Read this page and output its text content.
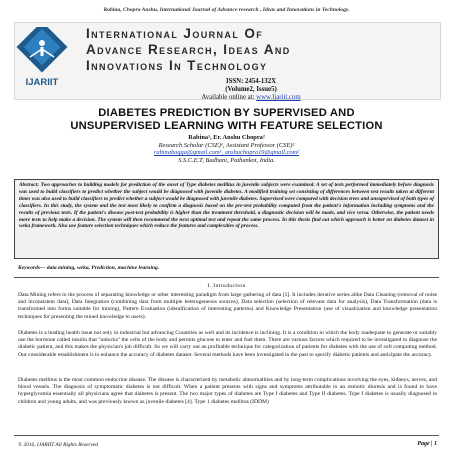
Rabina, Chopra Anshu, International Journal of Advance research , Ideas and Innovations in Technology.
IJARIIT
International Journal Of
Advance Research, Ideas And
Innovations In Technology
ISSN: 2454-132X
(Volume2, Issue5)
Available online at: www.Ijariit.com
DIABETES PREDICTION BY SUPERVISED AND
UNSUPERVISED LEARNING WITH FEATURE SELECTION
Rabina¹, Er. Anshu Chopra²
Research Scholar (CSE)¹, Assistant Professor (CSE)²
rabinabagga@gmail.com¹, anshuchopra19@gmail.com²
S.S.C.E.T, Badhani, Pathankot, India.
Abstract: Two approaches to building models for prediction of the onset of Type diabetes mellitus in juvenile subjects were examined. A set of tests performed immediately before diagnosis was used to build classifiers to predict whether the subject would be diagnosed with juvenile diabetes. A modified training set consisting of differences between test results taken at different times was also used to build classifiers to predict whether a subject would be diagnosed with juvenile diabetes. Supervised were compared with decision trees and unsupervised of both types of classifiers. In this study, the system and the test most likely to confirm a diagnosis based on the pre-test probability computed from the patient's information including symptoms and the results of previous tests. If the patient's disease post-test probability is higher than the treatment threshold, a diagnostic decision will be made, and vice versa. Otherwise, the patient needs more tests to help make a decision. The system will then recommend the next optimal test and repeat the same process. In this thesis find out which approach is better on diabetes dataset in weka framework. Also use feature selection techniques which reduce the features and complexities of process.
Keywords— data mining, weka, Prediction, machine learning.
I. Introduction
Data Mining refers to the process of separating knowledge or other interesting paradigm from large gathering of data [1]. It includes iterative series alike Data Cleaning (removal of noise and inconsistent data), Data Integration (combining data from multiple heterogeneous sources), Data selection (selection of relevant data for analysis), Data Transformation (data is transformed into forms suitable for mining), Pattern Evaluation (identification of interesting patterns) and Knowledge Presentation (use of visualization and knowledge presentation techniques for presenting the mined knowledge to users).
Diabetes is a leading health issue not only in industrial but advancing Countries as well and its incidence is inclining. It is a condition in which the body inadequate to generate or suitably use the hormone called insulin that ''unlocks'' the cells of the body and permits glucose to enter and fuel them. There are various factors which required to be investigated to diagnose the diabetic patient, and this makes the physician's job difficult. So we will carry out an profitable technique for categorization of patients for diabetes with the use of soft computing method. Our considerable establishment is to enhance the accuracy of diabetes dataset. Several methods have been investigated in the past to specify diabetic patients and anticipate the accuracy.
Diabetes mellitus is the most common endocrine disease. The disease is characterized by metabolic abnormalities and by long-term complications involving the eyes, kidneys, nerves, and blood vessels. The diagnosis of symptomatic diabetes is not difficult. When a patient presents with signs and symptoms attributable to an osmotic diuresis and is found to have hyperglycemia essentially all physicians agree that diabetes is present. The two major types of diabetes are Type I diabetes and Type II diabetes. Type I diabetes is usually diagnosed in children and young adults, and was previously known as juvenile diabetes [4]. Type 1 diabetes mellitus (IDDM)
© 2016, IJARIIT All Rights Reserved	Page | 1
